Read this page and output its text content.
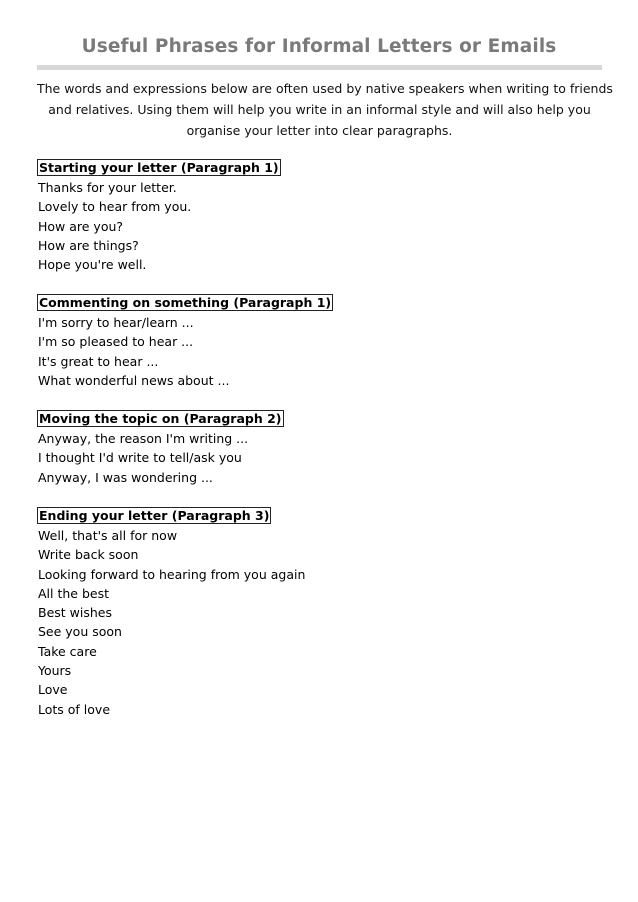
Useful Phrases for Informal Letters or Emails
The words and expressions below are often used by native speakers when writing to friends
and relatives. Using them will help you write in an informal style and will also help you
organise your letter into clear paragraphs.
Starting your letter (Paragraph 1)
Thanks for your letter.
Lovely to hear from you.
How are you?
How are things?
Hope you're well.
Commenting on something (Paragraph 1)
I'm sorry to hear/learn ...
I'm so pleased to hear ...
It's great to hear ...
What wonderful news about ...
Moving the topic on (Paragraph 2)
Anyway, the reason I'm writing ...
I thought I'd write to tell/ask you
Anyway, I was wondering ...
Ending your letter (Paragraph 3)
Well, that's all for now
Write back soon
Looking forward to hearing from you again
All the best
Best wishes
See you soon
Take care
Yours
Love
Lots of love
